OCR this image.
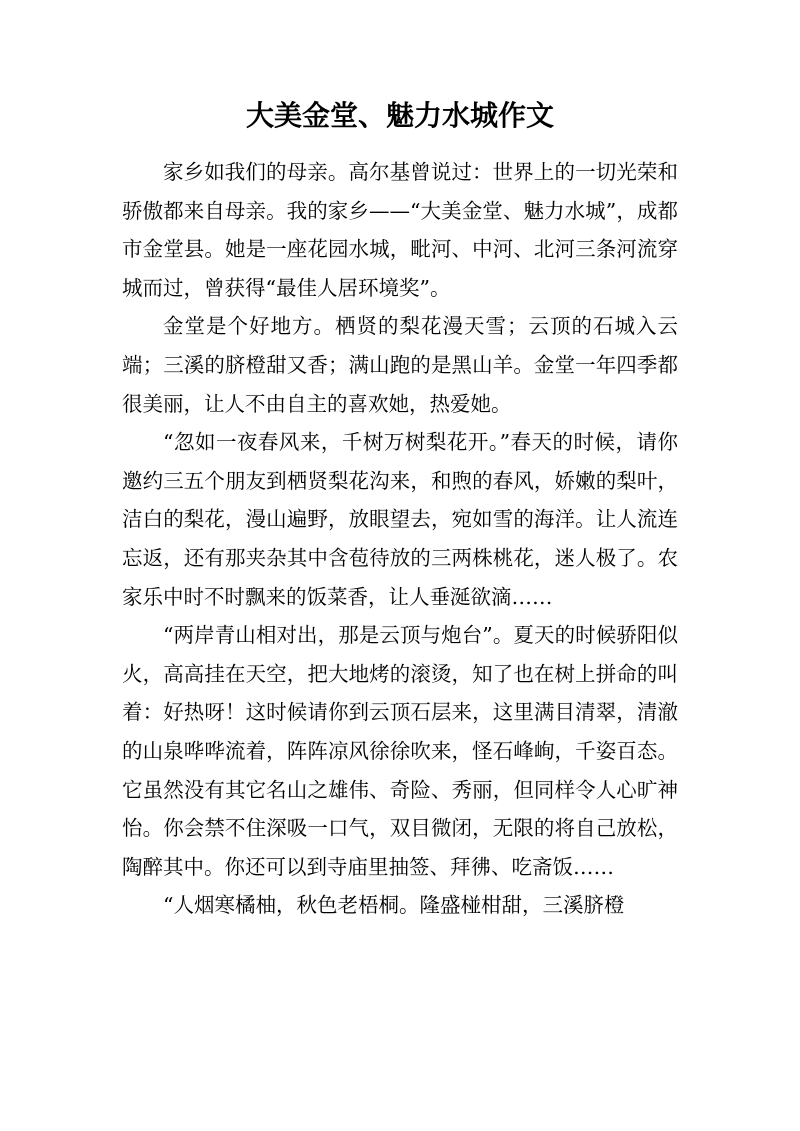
大美金堂、魅力水城作文

家乡如我们的母亲。高尔基曾说过：世界上的一切光荣和骄傲都来自母亲。我的家乡——“大美金堂、魅力水城”，成都市金堂县。她是一座花园水城，毗河、中河、北河三条河流穿城而过，曾获得“最佳人居环境奖”。

金堂是个好地方。栖贤的梨花漫天雪；云顶的石城入云端；三溪的脐橙甜又香；满山跑的是黑山羊。金堂一年四季都很美丽，让人不由自主的喜欢她，热爱她。

“忽如一夜春风来，千树万树梨花开。”春天的时候，请你邀约三五个朋友到栖贤梨花沟来，和煦的春风，娇嫩的梨叶，洁白的梨花，漫山遍野，放眼望去，宛如雪的海洋。让人流连忘返，还有那夹杂其中含苞待放的三两株桃花，迷人极了。农家乐中时不时飘来的饭菜香，让人垂涎欲滴……

“两岸青山相对出，那是云顶与炮台”。夏天的时候骄阳似火，高高挂在天空，把大地烤的滚烫，知了也在树上拼命的叫着：好热呀！这时候请你到云顶石层来，这里满目清翠，清澈的山泉哗哗流着，阵阵凉风徐徐吹来，怪石峰峋，千姿百态。它虽然没有其它名山之雄伟、奇险、秀丽，但同样令人心旷神怡。你会禁不住深吸一口气，双目微闭，无限的将自己放松，陶醉其中。你还可以到寺庙里抽签、拜彿、吃斋饭……

“人烟寒橘柚，秋色老梧桐。隆盛椪柑甜，三溪脐橙
